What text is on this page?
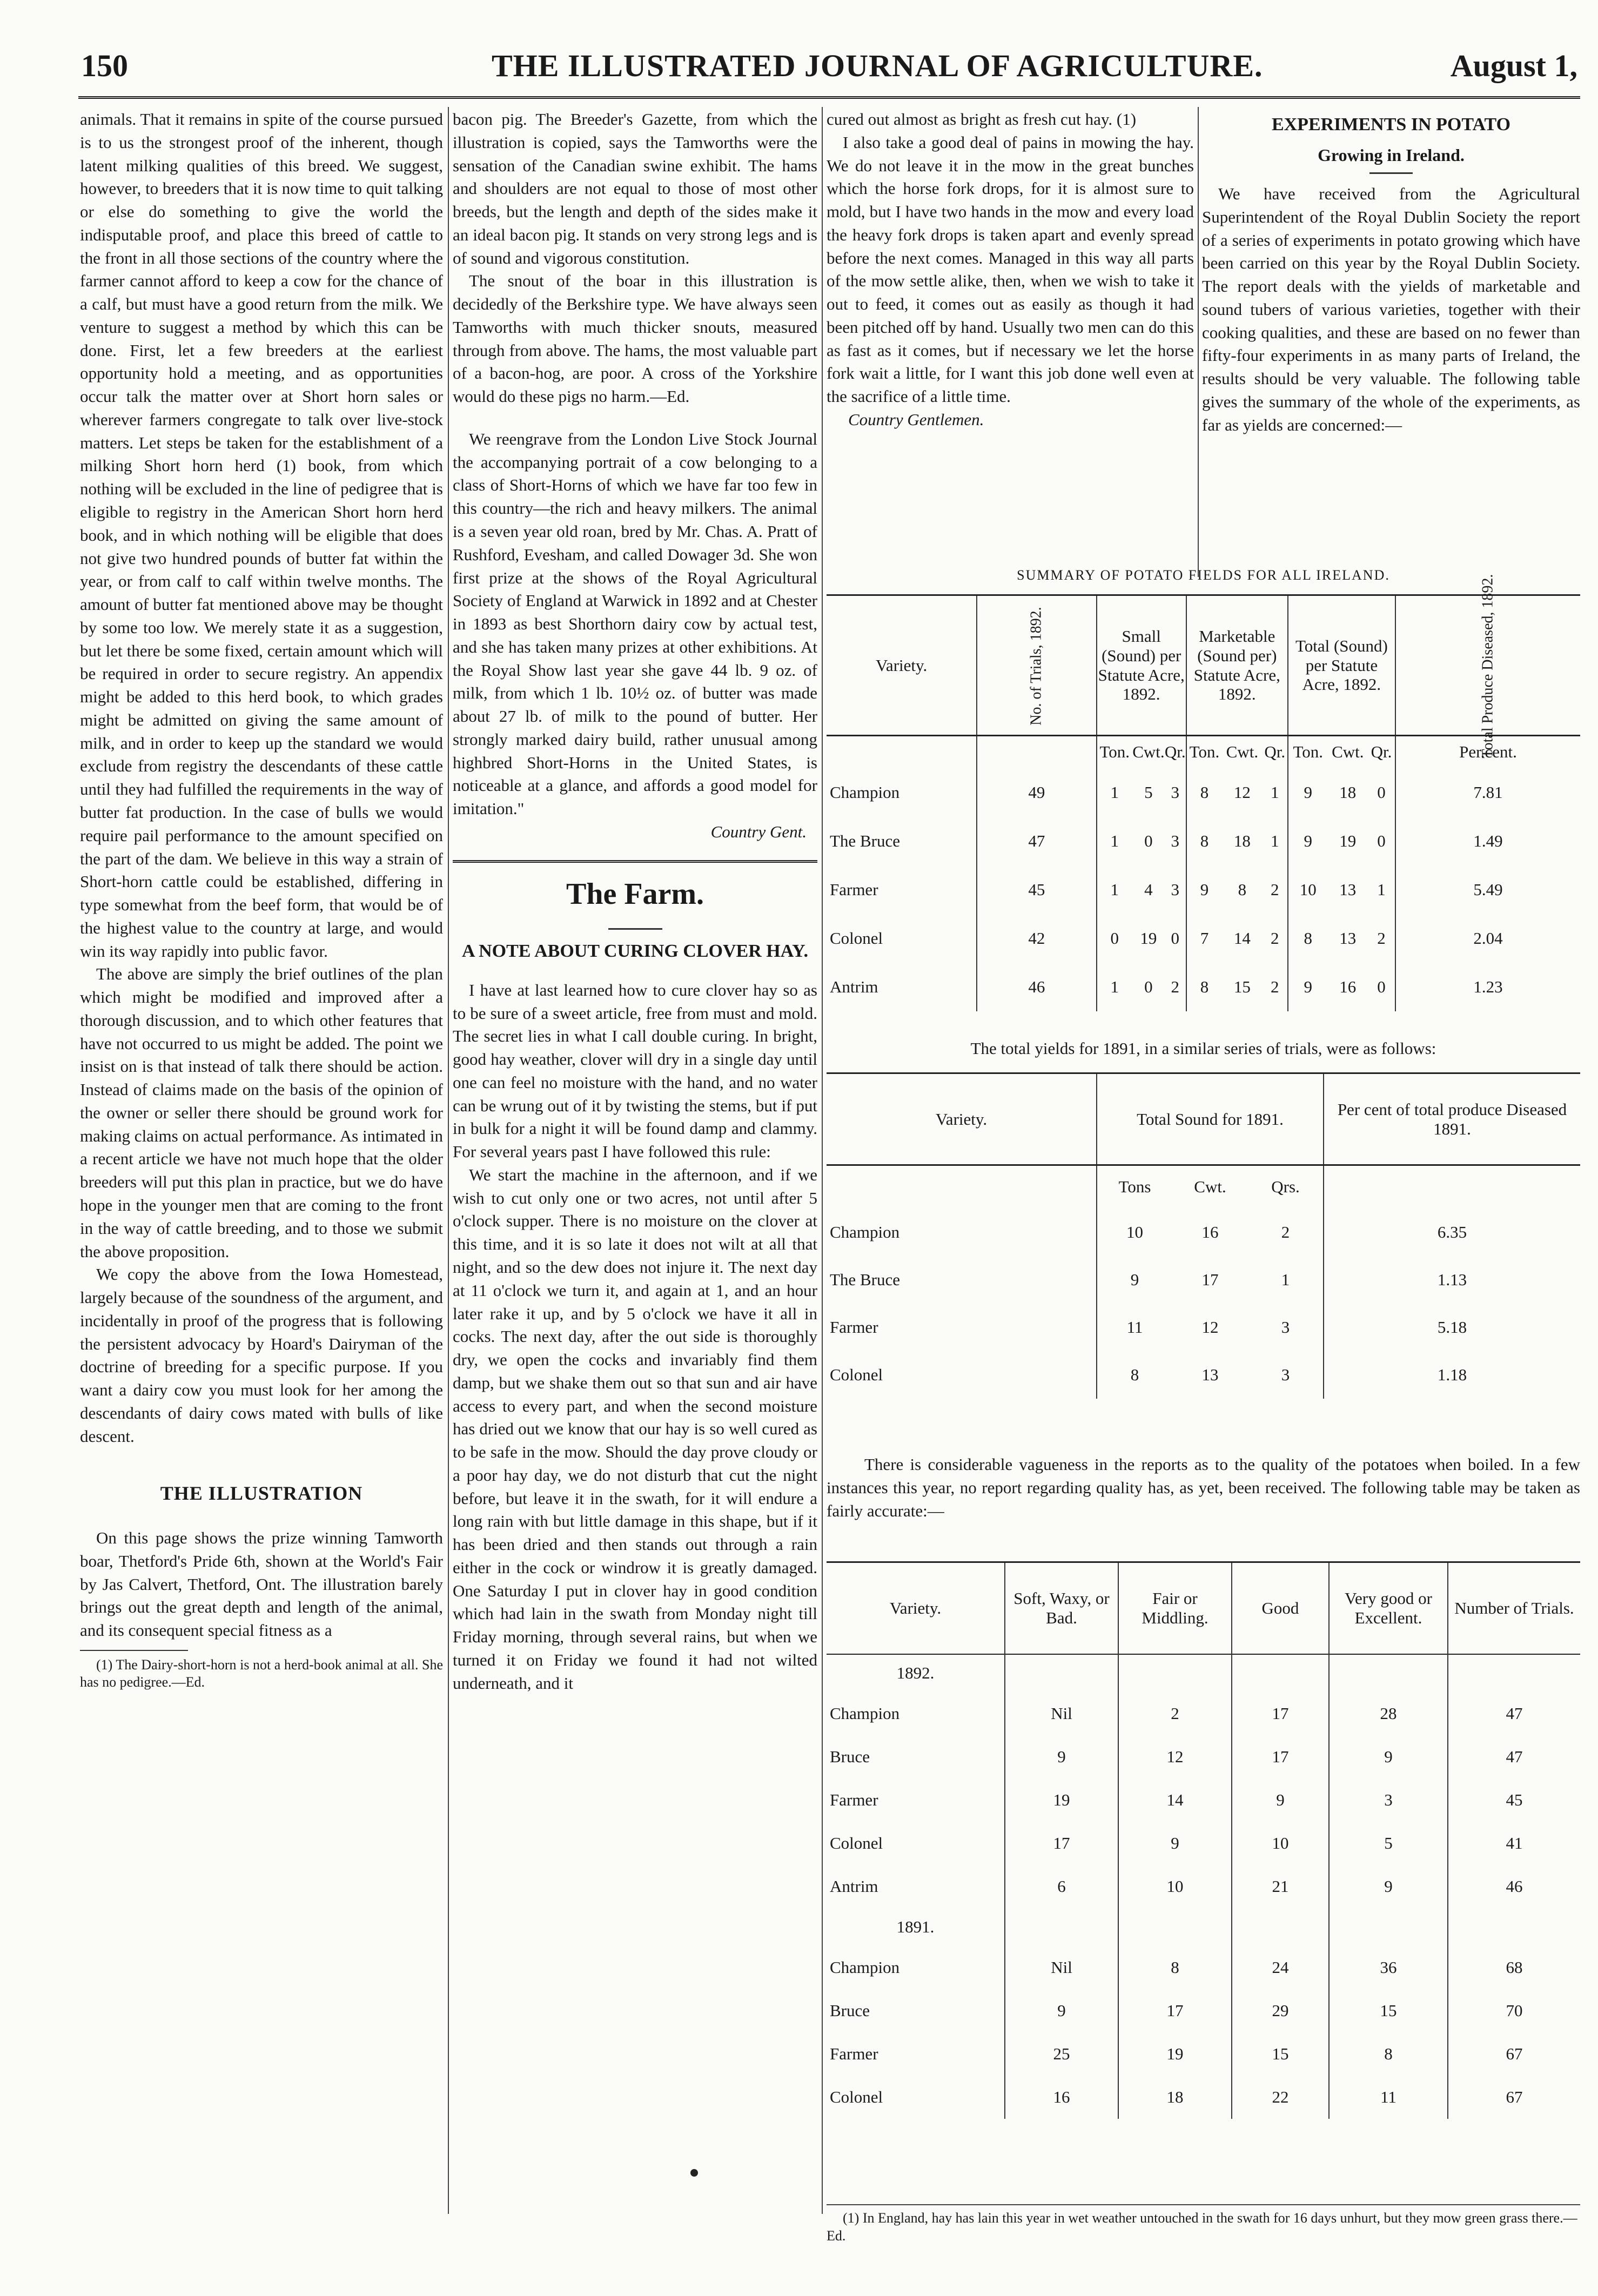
150	THE ILLUSTRATED JOURNAL OF AGRICULTURE.	August 1,

animals. That it remains in spite of the course pursued is to us the strongest proof of the inherent, though latent milking qualities of this breed. We suggest, however, to breeders that it is now time to quit talking or else do something to give the world the indisputable proof, and place this breed of cattle to the front in all those sections of the country where the farmer cannot afford to keep a cow for the chance of a calf, but must have a good return from the milk. We venture to suggest a method by which this can be done. First, let a few breeders at the earliest opportunity hold a meeting, and as opportunities occur talk the matter over at Short horn sales or wherever farmers congregate to talk over live-stock matters. Let steps be taken for the establishment of a milking Short horn herd (1) book, from which nothing will be excluded in the line of pedigree that is eligible to registry in the American Short horn herd book, and in which nothing will be eligible that does not give two hundred pounds of butter fat within the year, or from calf to calf within twelve months. The amount of butter fat mentioned above may be thought by some too low. We merely state it as a suggestion, but let there be some fixed, certain amount which will be required in order to secure registry. An appendix might be added to this herd book, to which grades might be admitted on giving the same amount of milk, and in order to keep up the standard we would exclude from registry the descendants of these cattle until they had fulfilled the requirements in the way of butter fat production. In the case of bulls we would require pail performance to the amount specified on the part of the dam. We believe in this way a strain of Short-horn cattle could be established, differing in type somewhat from the beef form, that would be of the highest value to the country at large, and would win its way rapidly into public favor.

The above are simply the brief outlines of the plan which might be modified and improved after a thorough discussion, and to which other features that have not occurred to us might be added. The point we insist on is that instead of talk there should be action. Instead of claims made on the basis of the opinion of the owner or seller there should be ground work for making claims on actual performance. As intimated in a recent article we have not much hope that the older breeders will put this plan in practice, but we do have hope in the younger men that are coming to the front in the way of cattle breeding, and to those we submit the above proposition.

We copy the above from the Iowa Homestead, largely because of the soundness of the argument, and incidentally in proof of the progress that is following the persistent advocacy by Hoard's Dairyman of the doctrine of breeding for a specific purpose. If you want a dairy cow you must look for her among the descendants of dairy cows mated with bulls of like descent.

THE ILLUSTRATION

On this page shows the prize winning Tamworth boar, Thetford's Pride 6th, shown at the World's Fair by Jas Calvert, Thetford, Ont. The illustration barely brings out the great depth and length of the animal, and its consequent special fitness as a

(1) The Dairy-short-horn is not a herd-book animal at all. She has no pedigree.—Ed.

bacon pig. The Breeder's Gazette, from which the illustration is copied, says the Tamworths were the sensation of the Canadian swine exhibit. The hams and shoulders are not equal to those of most other breeds, but the length and depth of the sides make it an ideal bacon pig. It stands on very strong legs and is of sound and vigorous constitution.

The snout of the boar in this illustration is decidedly of the Berkshire type. We have always seen Tamworths with much thicker snouts, measured through from above. The hams, the most valuable part of a bacon-hog, are poor. A cross of the Yorkshire would do these pigs no harm.—Ed.

We reengrave from the London Live Stock Journal the accompanying portrait of a cow belonging to a class of Short-Horns of which we have far too few in this country—the rich and heavy milkers. The animal is a seven year old roan, bred by Mr. Chas. A. Pratt of Rushford, Evesham, and called Dowager 3d. She won first prize at the shows of the Royal Agricultural Society of England at Warwick in 1892 and at Chester in 1893 as best Shorthorn dairy cow by actual test, and she has taken many prizes at other exhibitions. At the Royal Show last year she gave 44 lb. 9 oz. of milk, from which 1 lb. 10½ oz. of butter was made about 27 lb. of milk to the pound of butter. Her strongly marked dairy build, rather unusual among highbred Short-Horns in the United States, is noticeable at a glance, and affords a good model for imitation."

Country Gent.
The Farm.
A NOTE ABOUT CURING CLOVER HAY.

I have at last learned how to cure clover hay so as to be sure of a sweet article, free from must and mold. The secret lies in what I call double curing. In bright, good hay weather, clover will dry in a single day until one can feel no moisture with the hand, and no water can be wrung out of it by twisting the stems, but if put in bulk for a night it will be found damp and clammy. For several years past I have followed this rule:

We start the machine in the afternoon, and if we wish to cut only one or two acres, not until after 5 o'clock supper. There is no moisture on the clover at this time, and it is so late it does not wilt at all that night, and so the dew does not injure it. The next day at 11 o'clock we turn it, and again at 1, and an hour later rake it up, and by 5 o'clock we have it all in cocks. The next day, after the out side is thoroughly dry, we open the cocks and invariably find them damp, but we shake them out so that sun and air have access to every part, and when the second moisture has dried out we know that our hay is so well cured as to be safe in the mow. Should the day prove cloudy or a poor hay day, we do not disturb that cut the night before, but leave it in the swath, for it will endure a long rain with but little damage in this shape, but if it has been dried and then stands out through a rain either in the cock or windrow it is greatly damaged. One Saturday I put in clover hay in good condition which had lain in the swath from Monday night till Friday morning, through several rains, but when we turned it on Friday we found it had not wilted underneath, and it

cured out almost as bright as fresh cut hay. (1)

I also take a good deal of pains in mowing the hay. We do not leave it in the mow in the great bunches which the horse fork drops, for it is almost sure to mold, but I have two hands in the mow and every load the heavy fork drops is taken apart and evenly spread before the next comes. Managed in this way all parts of the mow settle alike, then, when we wish to take it out to feed, it comes out as easily as though it had been pitched off by hand. Usually two men can do this as fast as it comes, but if necessary we let the horse fork wait a little, for I want this job done well even at the sacrifice of a little time.

Country Gentlemen.
EXPERIMENTS IN POTATO
Growing in Ireland.

We have received from the Agricultural Superintendent of the Royal Dublin Society the report of a series of experiments in potato growing which have been carried on this year by the Royal Dublin Society. The report deals with the yields of marketable and sound tubers of various varieties, together with their cooking qualities, and these are based on no fewer than fifty-four experiments in as many parts of Ireland, the results should be very valuable. The following table gives the summary of the whole of the experiments, as far as yields are concerned:—

SUMMARY OF POTATO FIELDS FOR ALL IRELAND.
Variety.	No. of Trials, 1892.	Small (Sound) per Statute Acre, 1892.			Marketable (Sound per) Statute Acre, 1892.			Total (Sound) per Statute Acre, 1892.			Total Produce Diseased, 1892.
		Ton.	Cwt.	Qr.	Ton.	Cwt.	Qr.	Ton.	Cwt.	Qr.	Per.cent.
Champion	49	1	5	3	8	12	1	9	18	0	7.81
The Bruce	47	1	0	3	8	18	1	9	19	0	1.49
Farmer	45	1	4	3	9	8	2	10	13	1	5.49
Colonel	42	0	19	0	7	14	2	8	13	2	2.04
Antrim	46	1	0	2	8	15	2	9	16	0	1.23
The total yields for 1891, in a similar series of trials, were as follows:
Variety.	Total Sound for 1891.			Per cent of total produce Diseased 1891.
	Tons	Cwt.	Qrs.	
Champion	10	16	2	6.35
The Bruce	9	17	1	1.13
Farmer	11	12	3	5.18
Colonel	8	13	3	1.18

There is considerable vagueness in the reports as to the quality of the potatoes when boiled. In a few instances this year, no report regarding quality has, as yet, been received. The following table may be taken as fairly accurate:—

Variety.	Soft, Waxy, or Bad.	Fair or Middling.	Good	Very good or Excellent.	Number of Trials.
1892.					
Champion	Nil	2	17	28	47
Bruce	9	12	17	9	47
Farmer	19	14	9	3	45
Colonel	17	9	10	5	41
Antrim	6	10	21	9	46
1891.					
Champion	Nil	8	24	36	68
Bruce	9	17	29	15	70
Farmer	25	19	15	8	67
Colonel	16	18	22	11	67
(1) In England, hay has lain this year in wet weather untouched in the swath for 16 days unhurt, but they mow green grass there.—Ed.
